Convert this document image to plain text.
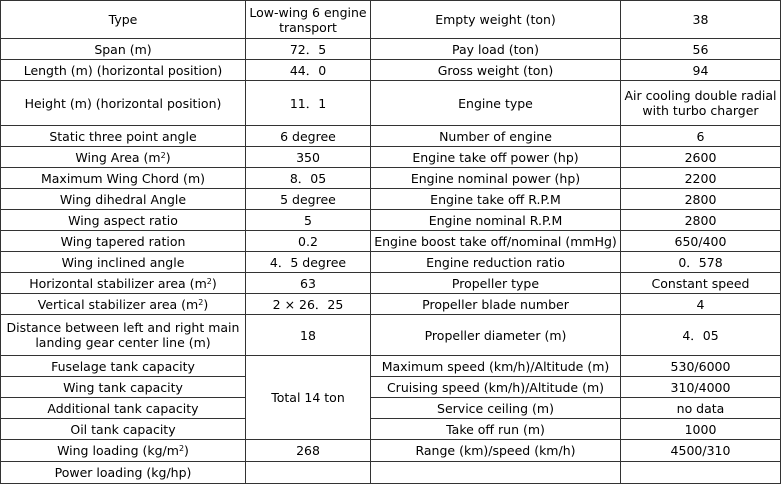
Type	Low-wing 6 engine transport	Empty weight (ton)	38
Span (m)	72．5	Pay load (ton)	56
Length (m) (horizontal position)	44．0	Gross weight (ton)	94
Height (m) (horizontal position)	11．1	Engine type	Air cooling double radial with turbo charger
Static three point angle	6 degree	Number of engine	6
Wing Area $(m^2)$	350	Engine take off power (hp)	2600
Maximum Wing Chord (m)	8．05	Engine nominal power (hp)	2200
Wing dihedral Angle	5 degree	Engine take off R.P.M	2800
Wing aspect ratio	5	Engine nominal R.P.M	2800
Wing tapered ration	0.2	Engine boost take off/nominal (mmHg)	650/400
Wing inclined angle	4．5 degree	Engine reduction ratio	0．578
Horizontal stabilizer area $(m^2)$	63	Propeller type	Constant speed
Vertical stabilizer area $(m^2)$	2 × 26．25	Propeller blade number	4
Distance between left and right main landing gear center line (m)	18	Propeller diameter (m)	4．05
Fuselage tank capacity	Total 14 ton	Maximum speed (km/h)/Altitude (m)	530/6000
Wing tank capacity		Cruising speed (km/h)/Altitude (m)	310/4000
Additional tank capacity		Service ceiling (m)	no data
Oil tank capacity		Take off run (m)	1000
Wing loading $(kg/m^2)$	268	Range (km)/speed (km/h)	4500/310
Power loading (kg/hp)			
